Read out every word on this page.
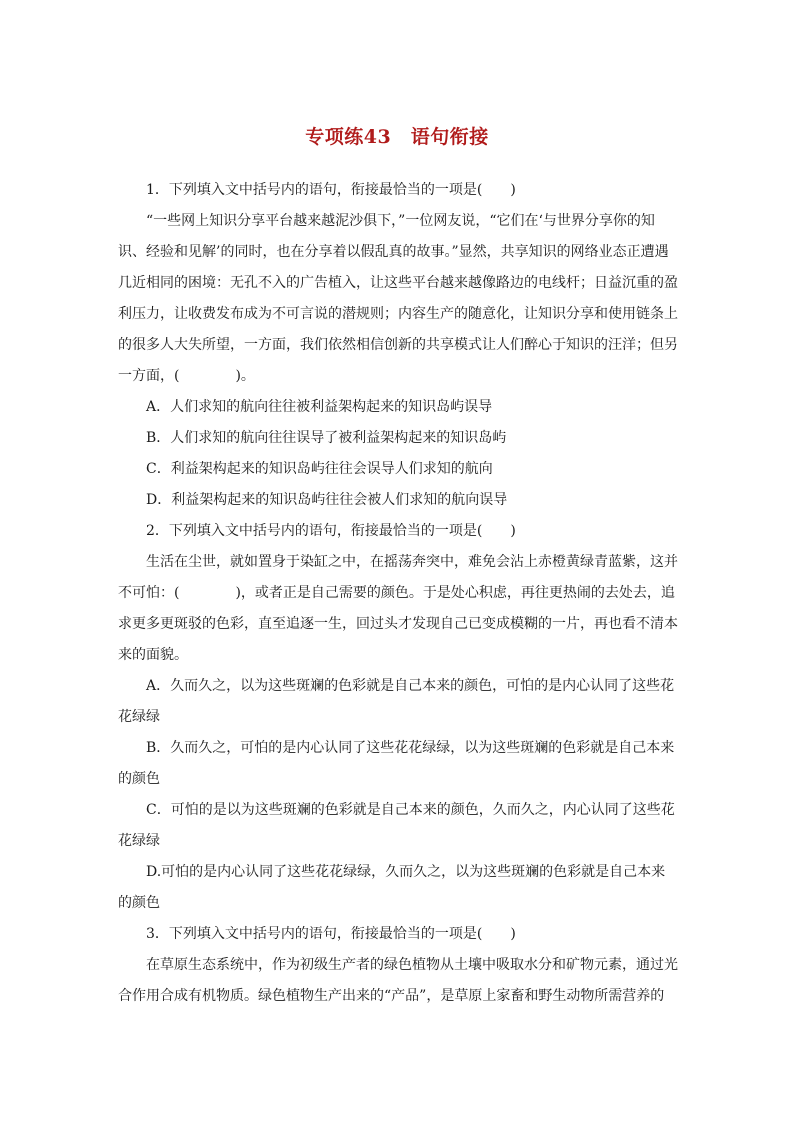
专项练43　语句衔接

1．下列填入文中括号内的语句，衔接最恰当的一项是(　　)

“一些网上知识分享平台越来越泥沙俱下，”一位网友说，“它们在‘与世界分享你的知识、经验和见解’的同时，也在分享着以假乱真的故事。”显然，共享知识的网络业态正遭遇几近相同的困境：无孔不入的广告植入，让这些平台越来越像路边的电线杆；日益沉重的盈利压力，让收费发布成为不可言说的潜规则；内容生产的随意化，让知识分享和使用链条上的很多人大失所望，一方面，我们依然相信创新的共享模式让人们醉心于知识的汪洋；但另一方面，(　　　　)。

A．人们求知的航向往往被利益架构起来的知识岛屿误导

B．人们求知的航向往往误导了被利益架构起来的知识岛屿

C．利益架构起来的知识岛屿往往会误导人们求知的航向

D．利益架构起来的知识岛屿往往会被人们求知的航向误导

2．下列填入文中括号内的语句，衔接最恰当的一项是(　　)

生活在尘世，就如置身于染缸之中，在摇荡奔突中，难免会沾上赤橙黄绿青蓝紫，这并不可怕：(　　　　)，或者正是自己需要的颜色。于是处心积虑，再往更热闹的去处去，追求更多更斑驳的色彩，直至追逐一生，回过头才发现自己已变成模糊的一片，再也看不清本来的面貌。

A．久而久之，以为这些斑斓的色彩就是自己本来的颜色，可怕的是内心认同了这些花花绿绿

B．久而久之，可怕的是内心认同了这些花花绿绿，以为这些斑斓的色彩就是自己本来的颜色

C．可怕的是以为这些斑斓的色彩就是自己本来的颜色，久而久之，内心认同了这些花花绿绿

D.可怕的是内心认同了这些花花绿绿，久而久之，以为这些斑斓的色彩就是自己本来的颜色

3．下列填入文中括号内的语句，衔接最恰当的一项是(　　)

在草原生态系统中，作为初级生产者的绿色植物从土壤中吸取水分和矿物元素，通过光合作用合成有机物质。绿色植物生产出来的“产品”，是草原上家畜和野生动物所需营养的
